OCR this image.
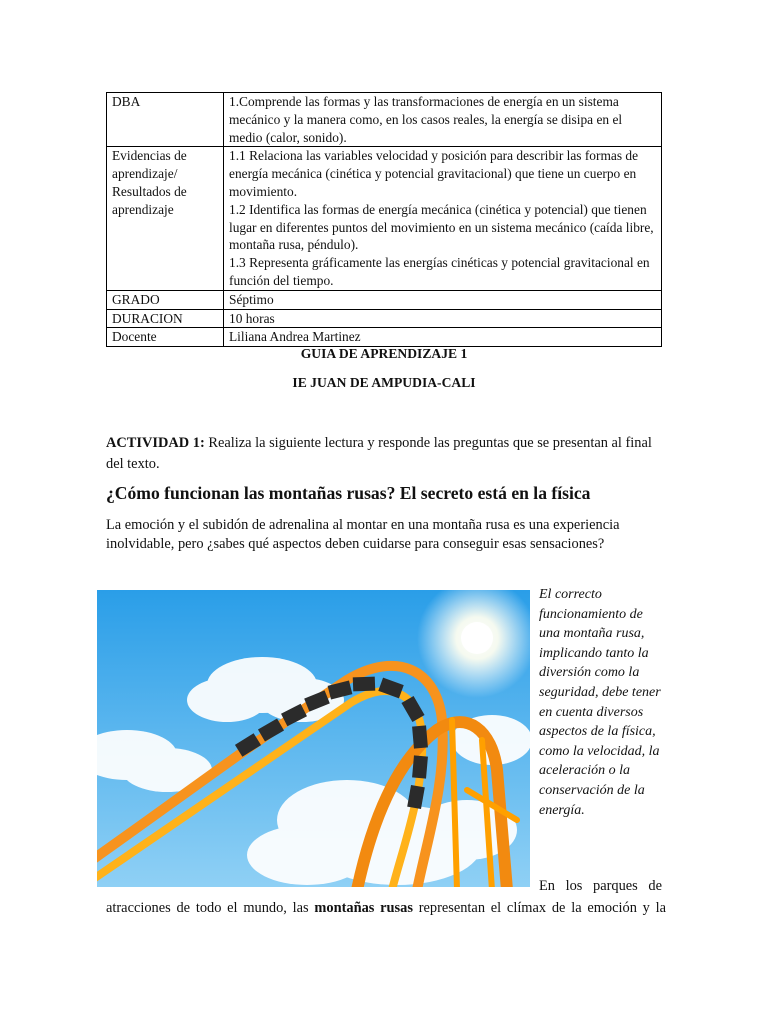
DBA	1.Comprende las formas y las transformaciones de energía en un sistema mecánico y la manera como, en los casos reales, la energía se disipa en el medio (calor, sonido).
Evidencias de aprendizaje/ Resultados de aprendizaje	1.1 Relaciona las variables velocidad y posición para describir las formas de energía mecánica (cinética y potencial gravitacional) que tiene un cuerpo en movimiento.
1.2 Identifica las formas de energía mecánica (cinética y potencial) que tienen lugar en diferentes puntos del movimiento en un sistema mecánico (caída libre, montaña rusa, péndulo).
1.3 Representa gráficamente las energías cinéticas y potencial gravitacional en función del tiempo.

GRADO	Séptimo
DURACION	10 horas
Docente	Liliana Andrea Martinez

GUIA DE APRENDIZAJE 1

IE JUAN DE AMPUDIA-CALI

ACTIVIDAD 1: Realiza la siguiente lectura y responde las preguntas que se presentan al final del texto.

¿Cómo funcionan las montañas rusas? El secreto está en la física

La emoción y el subidón de adrenalina al montar en una montaña rusa es una experiencia inolvidable, pero ¿sabes qué aspectos deben cuidarse para conseguir esas sensaciones?

El correcto funcionamiento de una montaña rusa, implicando tanto la diversión como la seguridad, debe tener en cuenta diversos aspectos de la física, como la velocidad, la aceleración o la conservación de la energía.

En los parques de

atracciones de todo el mundo, las montañas rusas representan el clímax de la emoción y la
